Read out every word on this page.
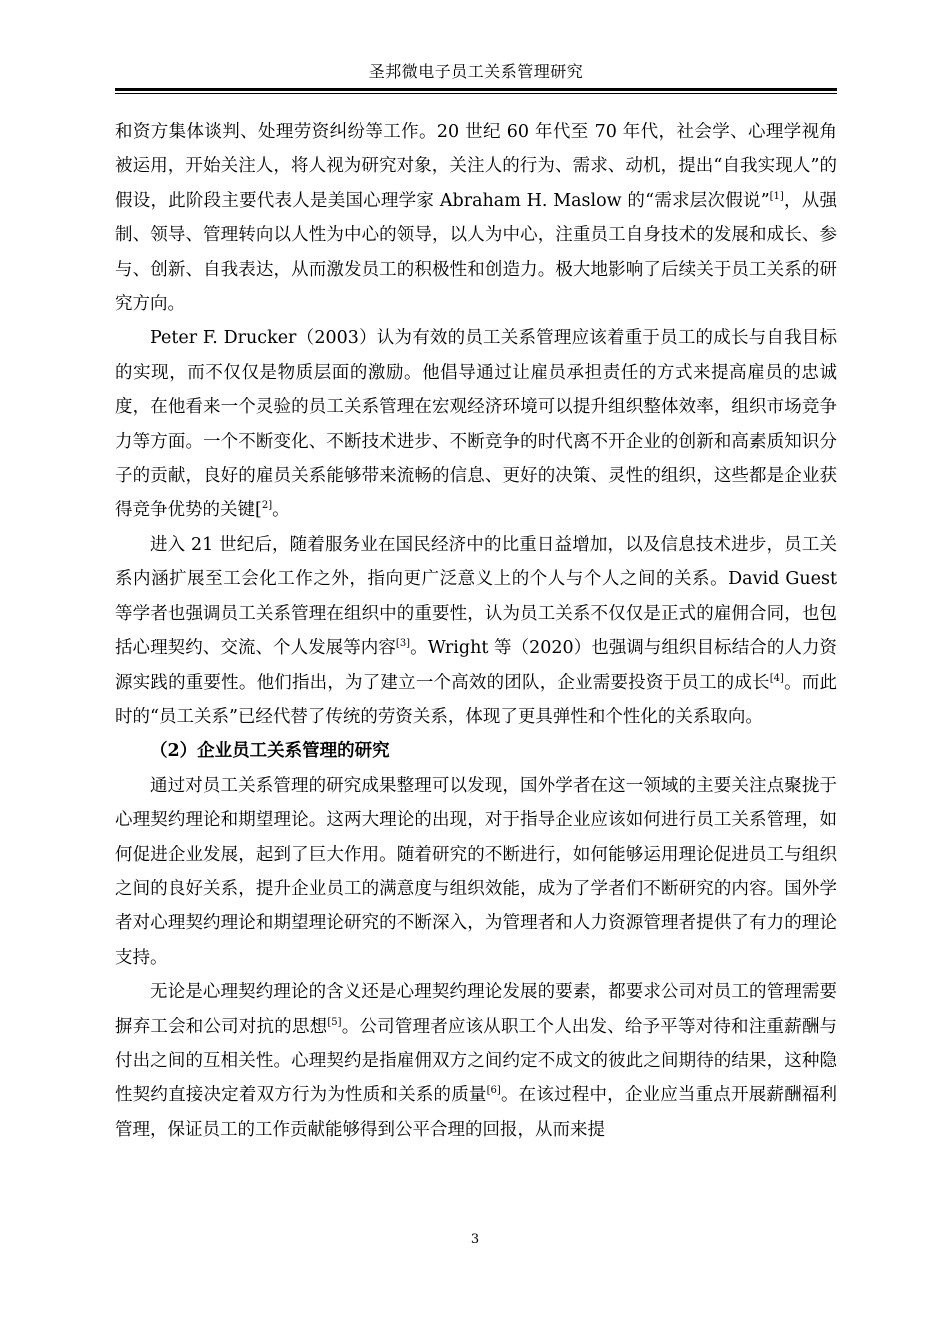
圣邦微电子员工关系管理研究

和资方集体谈判、处理劳资纠纷等工作。20 世纪 60 年代至 70 年代，社会学、心理学视角被运用，开始关注人，将人视为研究对象，关注人的行为、需求、动机，提出“自我实现人”的假设，此阶段主要代表人是美国心理学家 Abraham H. Maslow 的“需求层次假说”[1]，从强制、领导、管理转向以人性为中心的领导，以人为中心，注重员工自身技术的发展和成长、参与、创新、自我表达，从而激发员工的积极性和创造力。极大地影响了后续关于员工关系的研究方向。

Peter F. Drucker（2003）认为有效的员工关系管理应该着重于员工的成长与自我目标的实现，而不仅仅是物质层面的激励。他倡导通过让雇员承担责任的方式来提高雇员的忠诚度，在他看来一个灵验的员工关系管理在宏观经济环境可以提升组织整体效率，组织市场竞争力等方面。一个不断变化、不断技术进步、不断竞争的时代离不开企业的创新和高素质知识分子的贡献，良好的雇员关系能够带来流畅的信息、更好的决策、灵性的组织，这些都是企业获得竞争优势的关键[$^{2]}$。

进入 21 世纪后，随着服务业在国民经济中的比重日益增加，以及信息技术进步，员工关系内涵扩展至工会化工作之外，指向更广泛意义上的个人与个人之间的关系。David Guest 等学者也强调员工关系管理在组织中的重要性，认为员工关系不仅仅是正式的雇佣合同，也包括心理契约、交流、个人发展等内容[3]。Wright 等（2020）也强调与组织目标结合的人力资源实践的重要性。他们指出，为了建立一个高效的团队，企业需要投资于员工的成长[4]。而此时的“员工关系”已经代替了传统的劳资关系，体现了更具弹性和个性化的关系取向。

（2）企业员工关系管理的研究

通过对员工关系管理的研究成果整理可以发现，国外学者在这一领域的主要关注点聚拢于心理契约理论和期望理论。这两大理论的出现，对于指导企业应该如何进行员工关系管理，如何促进企业发展，起到了巨大作用。随着研究的不断进行，如何能够运用理论促进员工与组织之间的良好关系，提升企业员工的满意度与组织效能，成为了学者们不断研究的内容。国外学者对心理契约理论和期望理论研究的不断深入，为管理者和人力资源管理者提供了有力的理论支持。

无论是心理契约理论的含义还是心理契约理论发展的要素，都要求公司对员工的管理需要摒弃工会和公司对抗的思想[5]。公司管理者应该从职工个人出发、给予平等对待和注重薪酬与付出之间的互相关性。心理契约是指雇佣双方之间约定不成文的彼此之间期待的结果，这种隐性契约直接决定着双方行为为性质和关系的质量[6]。在该过程中，企业应当重点开展薪酬福利管理，保证员工的工作贡献能够得到公平合理的回报，从而来提

3
